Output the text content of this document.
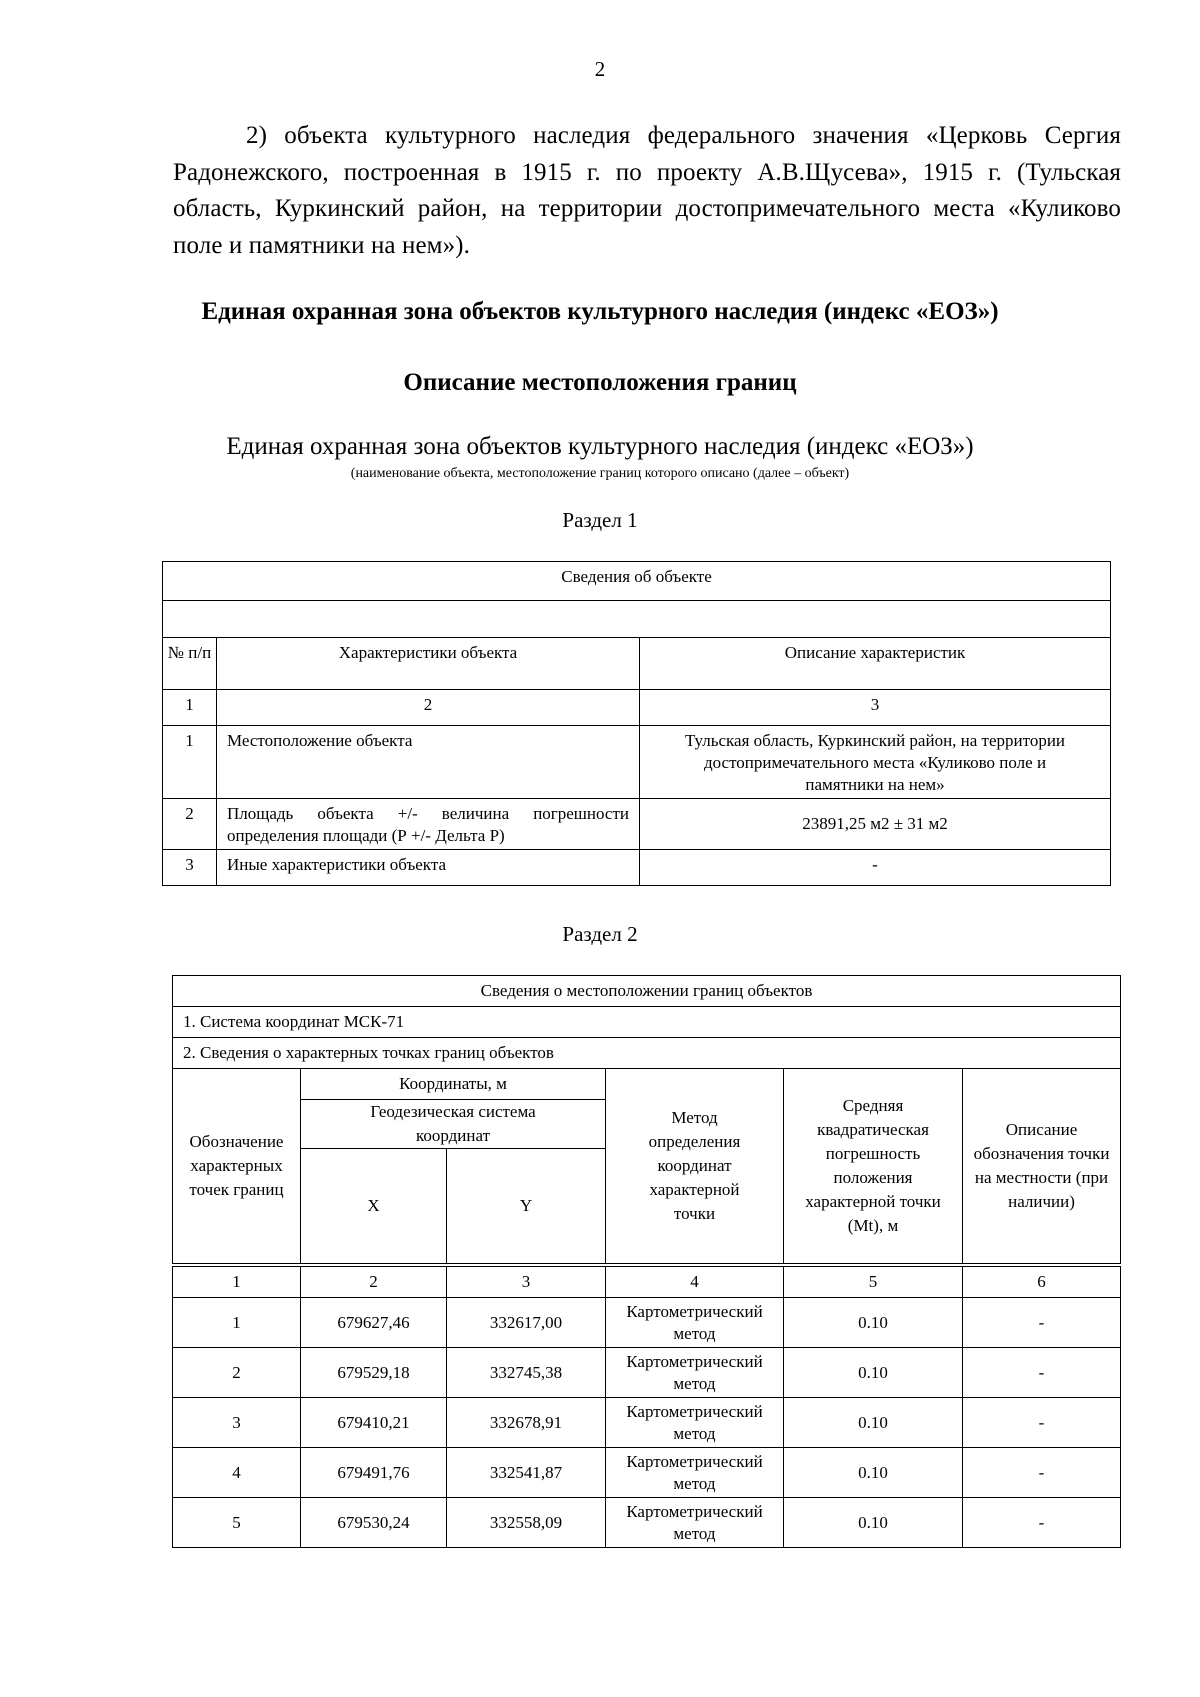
2

2) объекта культурного наследия федерального значения «Церковь Сергия Радонежского, построенная в 1915 г. по проекту А.В.Щусева», 1915 г. (Тульская область, Куркинский район, на территории достопримечательного места «Куликово поле и памятники на нем»).

Единая охранная зона объектов культурного наследия (индекс «ЕОЗ»)
Описание местоположения границ
Единая охранная зона объектов культурного наследия (индекс «ЕОЗ»)
(наименование объекта, местоположение границ которого описано (далее – объект)
Раздел 1
Сведения об объекте		

№ п/п	Характеристики объекта	Описание характеристик
1	2	3
1	Местоположение объекта	Тульская область, Куркинский район, на территории достопримечательного места «Куликово поле и памятники на нем»
2	Площадь объекта +/- величина погрешности определения площади (Р +/- Дельта Р)	23891,25 м2 ± 31 м2
3	Иные характеристики объекта	-
Раздел 2
Сведения о местоположении границ объектов					
1. Система координат МСК-71					
2. Сведения о характерных точках границ объектов					
Обозначение характерных точек границ	Координаты, м		Метод определения координат характерной точки	Средняя квадратическая погрешность положения характерной точки (Mt), м	Описание обозначения точки на местности (при наличии)
	Геодезическая система координат				
	X	Y			
1	2	3	4	5	6
1	679627,46	332617,00	Картометрический метод	0.10	-
2	679529,18	332745,38	Картометрический метод	0.10	-
3	679410,21	332678,91	Картометрический метод	0.10	-
4	679491,76	332541,87	Картометрический метод	0.10	-
5	679530,24	332558,09	Картометрический метод	0.10	-
